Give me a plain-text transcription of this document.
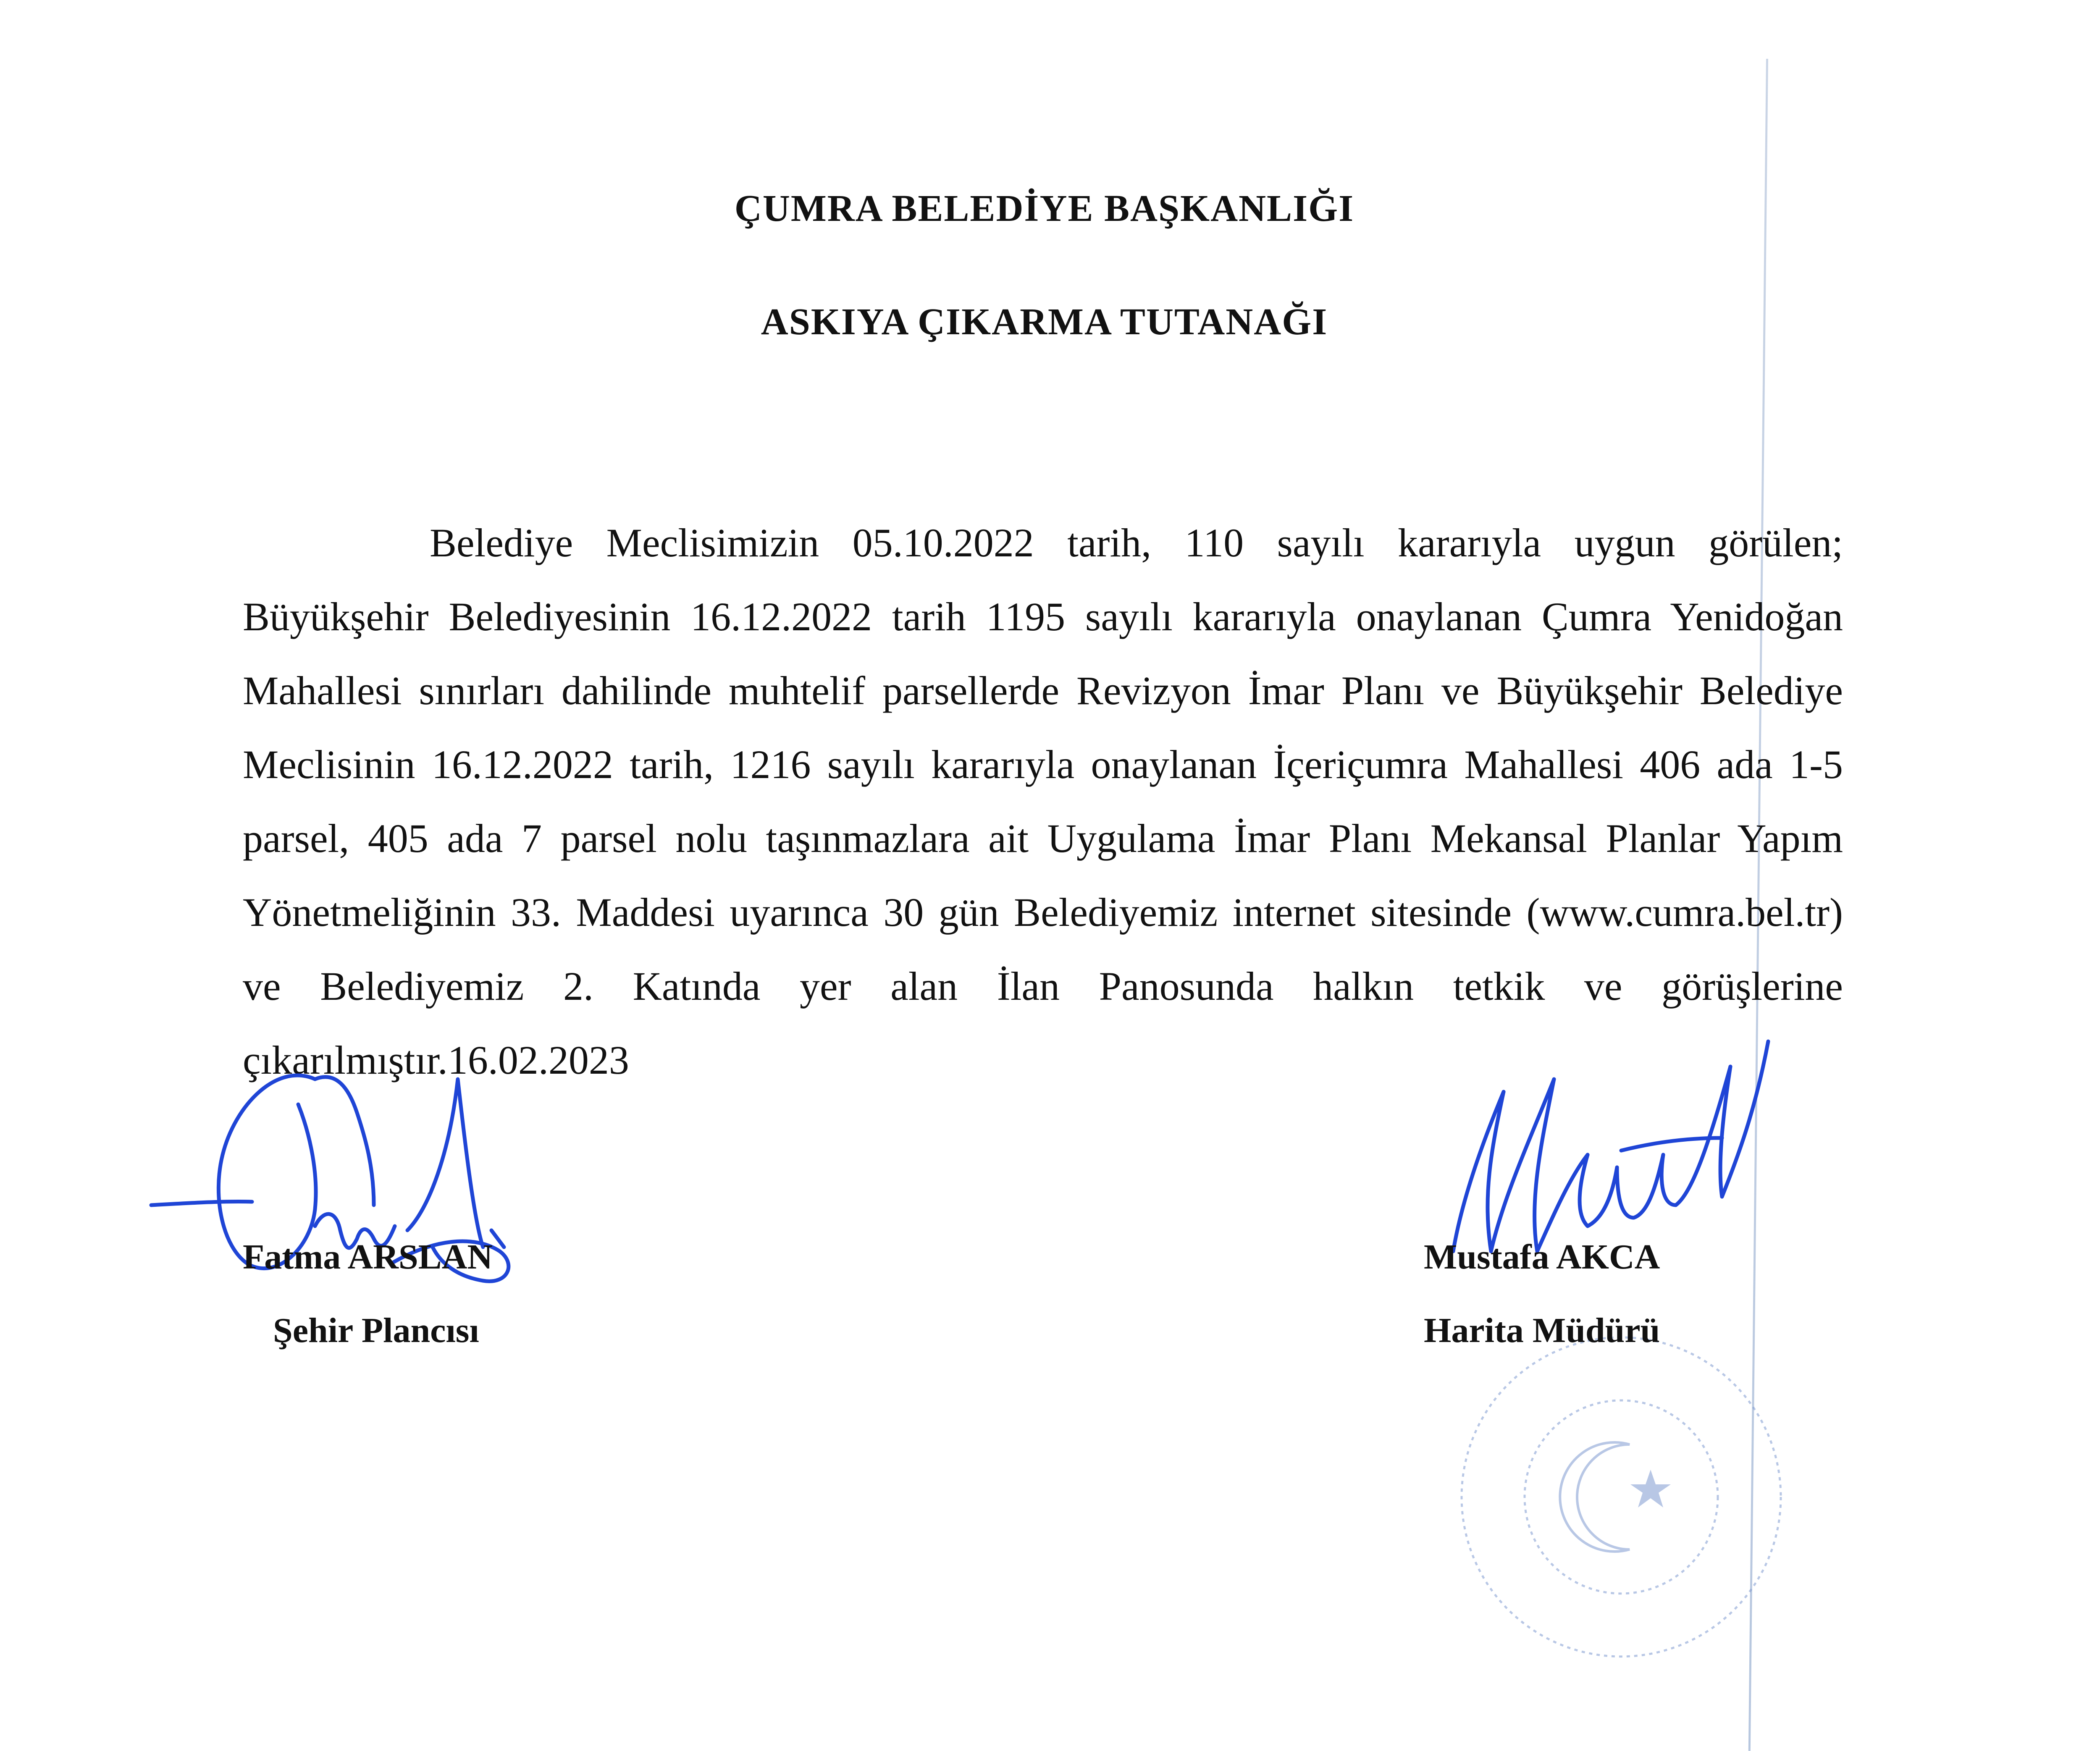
ÇUMRA BELEDİYE BAŞKANLIĞI
ASKIYA ÇIKARMA TUTANAĞI

Belediye Meclisimizin 05.10.2022 tarih, 110 sayılı kararıyla uygun görülen; Büyükşehir Belediyesinin 16.12.2022 tarih 1195 sayılı kararıyla onaylanan Çumra Yenidoğan Mahallesi sınırları dahilinde muhtelif parsellerde Revizyon İmar Planı ve Büyükşehir Belediye Meclisinin 16.12.2022 tarih, 1216 sayılı kararıyla onaylanan İçeriçumra Mahallesi 406 ada 1-5 parsel, 405 ada 7 parsel nolu taşınmazlara ait Uygulama İmar Planı Mekansal Planlar Yapım Yönetmeliğinin 33. Maddesi uyarınca 30 gün Belediyemiz internet sitesinde (www.cumra.bel.tr) ve Belediyemiz 2. Katında yer alan İlan Panosunda halkın tetkik ve görüşlerine çıkarılmıştır.16.02.2023

Fatma ARSLAN
Şehir Plancısı
Mustafa AKCA
Harita Müdürü
